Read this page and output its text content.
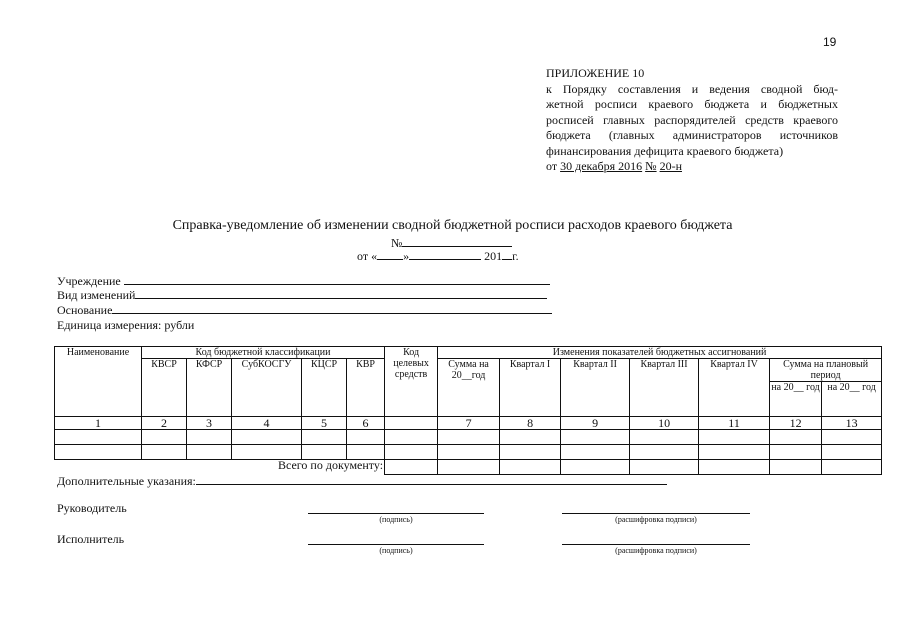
19
ПРИЛОЖЕНИЕ 10
к Порядку составления и ведения сводной бюд-
жетной росписи краевого бюджета и бюджетных
росписей главных распорядителей средств краевого
бюджета (главных администраторов источников
финансирования дефицита краевого бюджета)
от 30 декабря 2016 № 20-н
Справка-уведомление об изменении сводной бюджетной росписи расходов краевого бюджета
№
от « »	201 г.
Учреждение
Вид изменений
Основание
Единица измерения: рубли
Наименование	Код бюджетной классификации					Код целевых средств	Изменения показателей бюджетных ассигнований						
	КВСР	КФСР	СубКОСГУ	КЦСР	КВР		Сумма на 20__год	Квартал I	Квартал II	Квартал III	Квартал IV	Сумма на плановый период	
												на 20__ год	на 20__ год
1	2	3	4	5	6		7	8	9	10	11	12	13

Всего по документу:													
Дополнительные указания:
Руководитель
(подпись)	(расшифровка подписи)
Исполнитель
(подпись)	(расшифровка подписи)
